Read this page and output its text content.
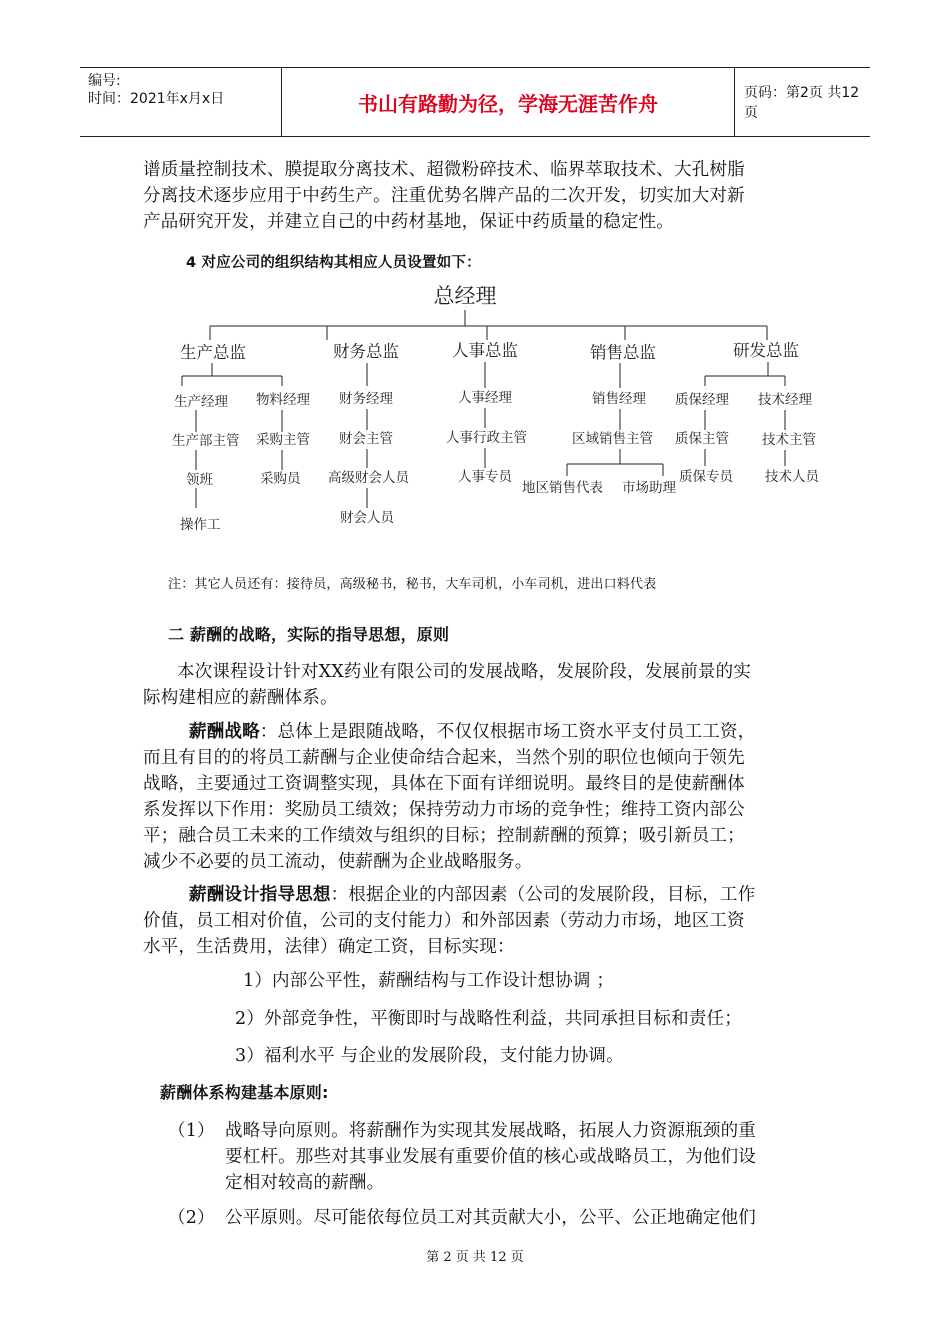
编号:
时间：2021年x月x日	书山有路勤为径，学海无涯苦作舟	页码：第2页 共12页
谱质量控制技术、膜提取分离技术、超微粉碎技术、临界萃取技术、大孔树脂
分离技术逐步应用于中药生产。注重优势名牌产品的二次开发，切实加大对新
产品研究开发，并建立自己的中药材基地，保证中药质量的稳定性。
4 对应公司的组织结构其相应人员设置如下：
总经理
生产总监	财务总监	人事总监	销售总监	研发总监
生产经理
生产部主管
领班
操作工
物料经理
采购主管
采购员
财务经理
财会主管
高级财会人员
财会人员
人事经理
人事行政主管
人事专员
销售经理
区域销售主管
地区销售代表 市场助理
质保经理
质保主管
质保专员
技术经理
技术主管
技术人员
注：其它人员还有：接待员，高级秘书，秘书，大车司机，小车司机，进出口料代表
二 薪酬的战略，实际的指导思想，原则
本次课程设计针对XX药业有限公司的发展战略，发展阶段，发展前景的实
际构建相应的薪酬体系。
薪酬战略：总体上是跟随战略，不仅仅根据市场工资水平支付员工工资，
而且有目的的将员工薪酬与企业使命结合起来，当然个别的职位也倾向于领先
战略，主要通过工资调整实现，具体在下面有详细说明。最终目的是使薪酬体
系发挥以下作用：奖励员工绩效；保持劳动力市场的竞争性；维持工资内部公
平；融合员工未来的工作绩效与组织的目标；控制薪酬的预算；吸引新员工；
减少不必要的员工流动，使薪酬为企业战略服务。
薪酬设计指导思想：根据企业的内部因素（公司的发展阶段，目标，工作
价值，员工相对价值，公司的支付能力）和外部因素（劳动力市场，地区工资
水平，生活费用，法律）确定工资，目标实现：
1）内部公平性，薪酬结构与工作设计想协调 ；
2）外部竞争性，平衡即时与战略性利益，共同承担目标和责任；
3）福利水平 与企业的发展阶段，支付能力协调。
薪酬体系构建基本原则:
（1） 战略导向原则。将薪酬作为实现其发展战略，拓展人力资源瓶颈的重
要杠杆。那些对其事业发展有重要价值的核心或战略员工，为他们设
定相对较高的薪酬。
（2） 公平原则。尽可能依每位员工对其贡献大小，公平、公正地确定他们
第 2 页 共 12 页
